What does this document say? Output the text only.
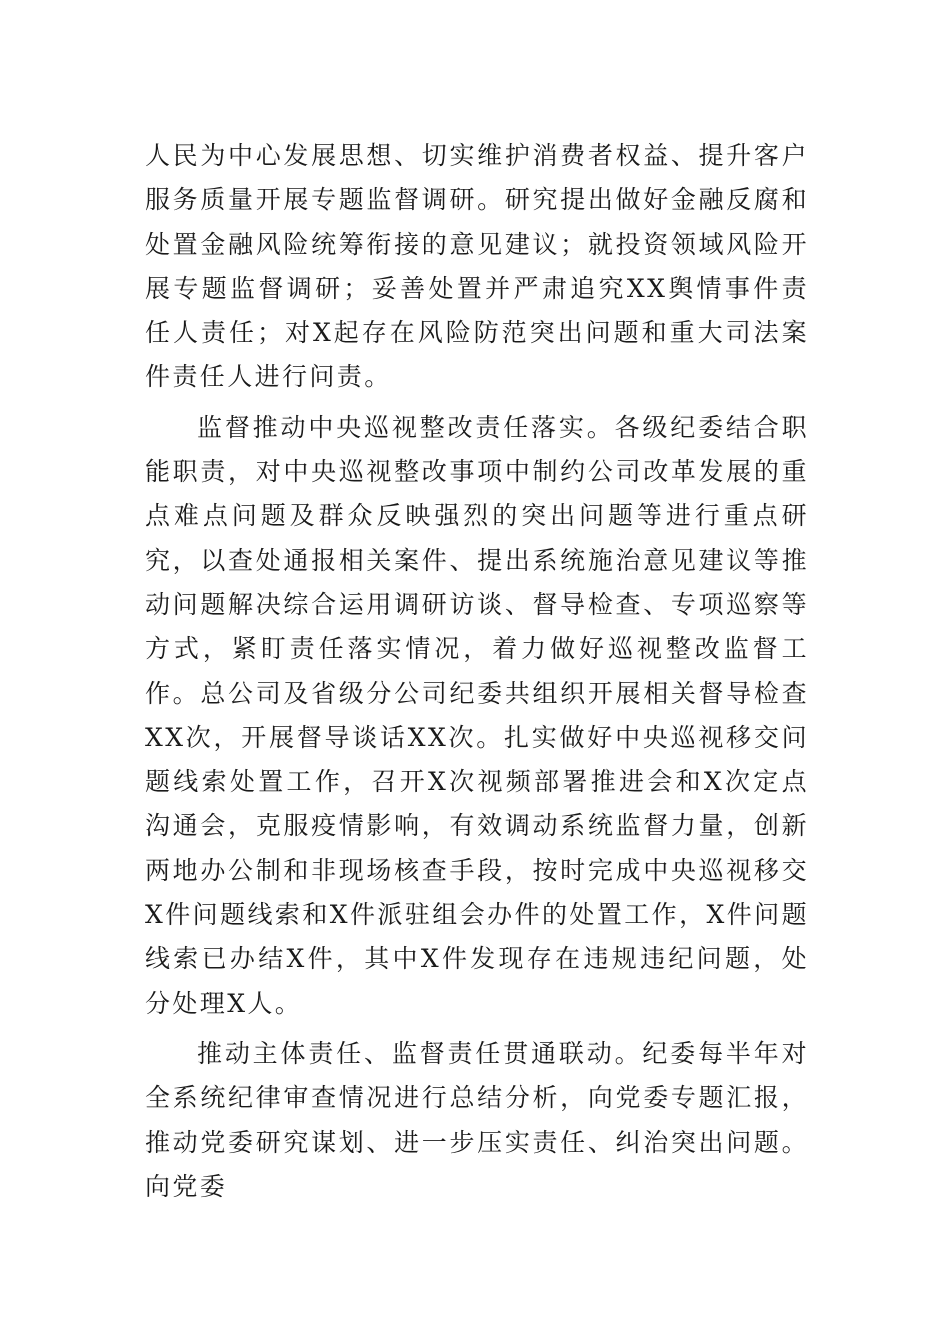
人民为中心发展思想、切实维护消费者权益、提升客户服务质量开展专题监督调研。研究提出做好金融反腐和处置金融风险统筹衔接的意见建议；就投资领域风险开展专题监督调研；妥善处置并严肃追究XX舆情事件责任人责任；对X起存在风险防范突出问题和重大司法案件责任人进行问责。

监督推动中央巡视整改责任落实。各级纪委结合职能职责，对中央巡视整改事项中制约公司改革发展的重点难点问题及群众反映强烈的突出问题等进行重点研究，以查处通报相关案件、提出系统施治意见建议等推动问题解决综合运用调研访谈、督导检查、专项巡察等方式，紧盯责任落实情况，着力做好巡视整改监督工作。总公司及省级分公司纪委共组织开展相关督导检查XX次，开展督导谈话XX次。扎实做好中央巡视移交问题线索处置工作，召开X次视频部署推进会和X次定点沟通会，克服疫情影响，有效调动系统监督力量，创新两地办公制和非现场核查手段，按时完成中央巡视移交X件问题线索和X件派驻组会办件的处置工作，X件问题线索已办结X件，其中X件发现存在违规违纪问题，处分处理X人。

推动主体责任、监督责任贯通联动。纪委每半年对全系统纪律审查情况进行总结分析，向党委专题汇报，推动党委研究谋划、进一步压实责任、纠治突出问题。向党委
